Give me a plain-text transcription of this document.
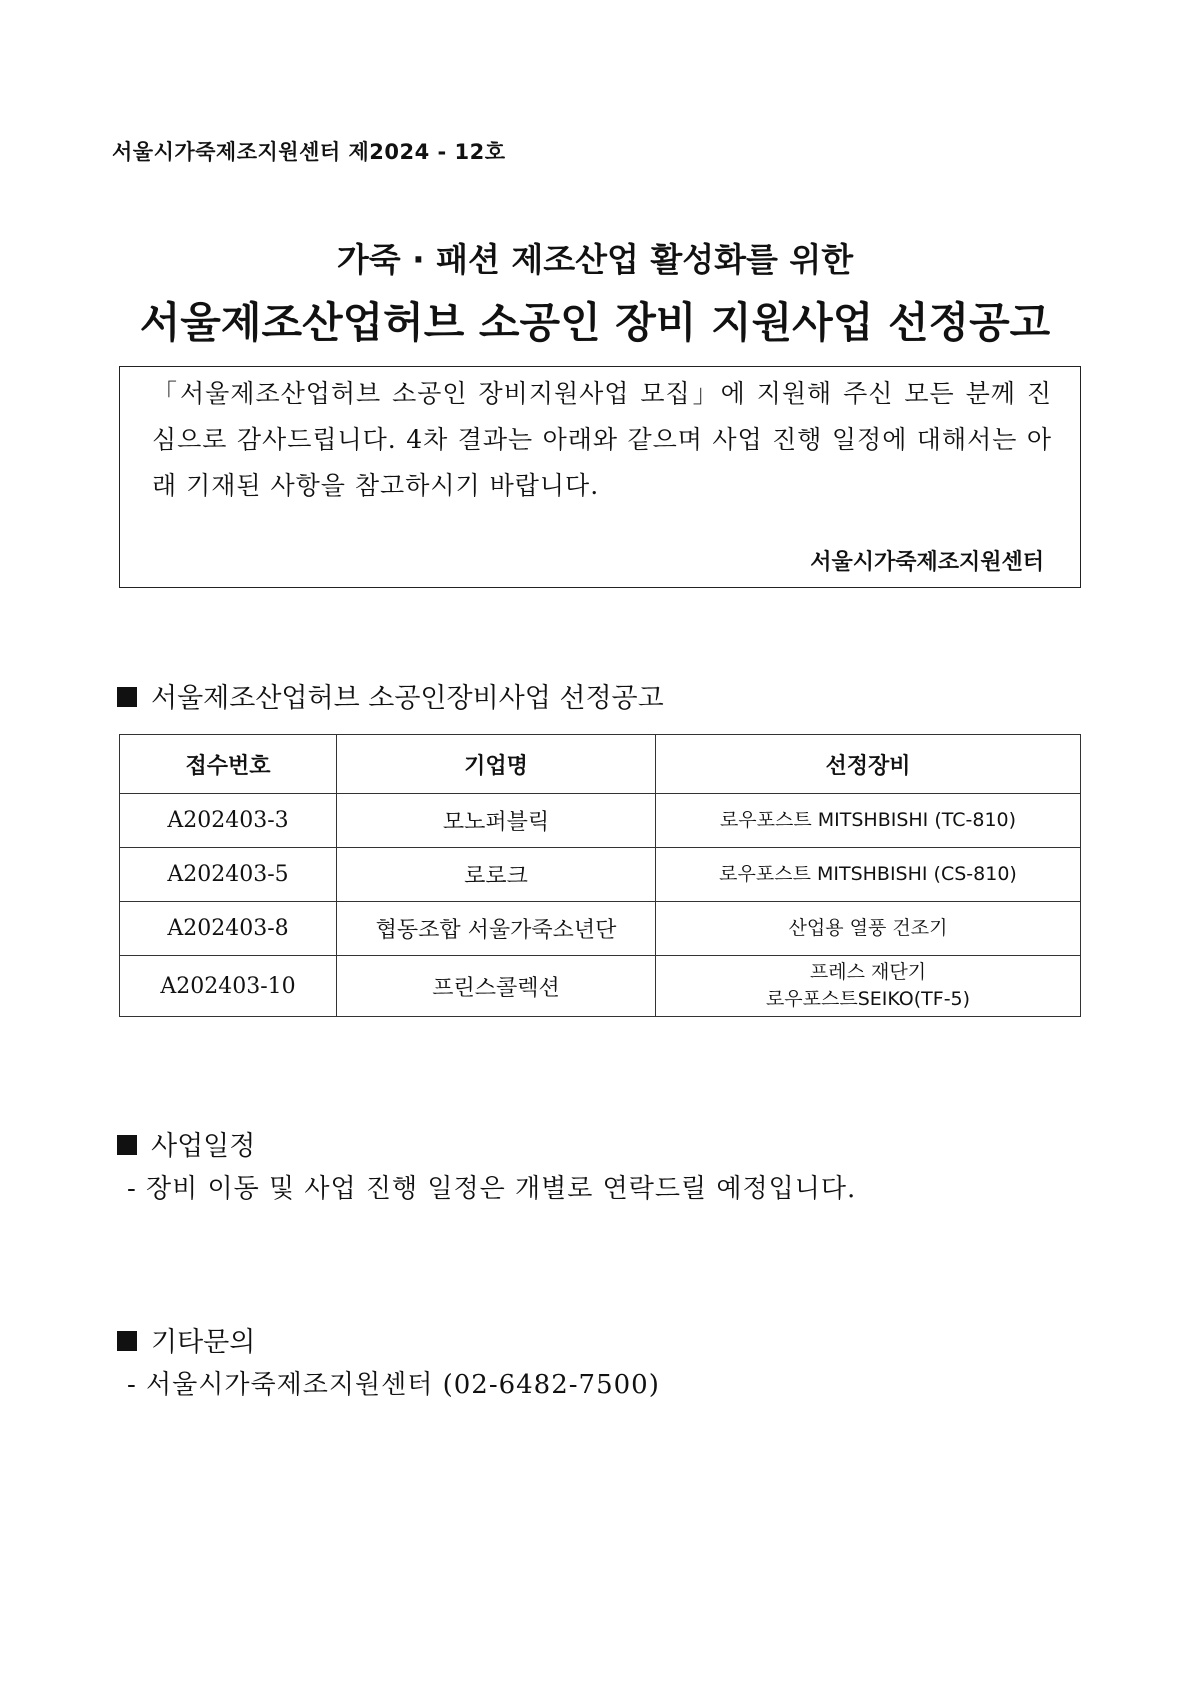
서울시가죽제조지원센터 제2024 - 12호
가죽 · 패션 제조산업 활성화를 위한
서울제조산업허브 소공인 장비 지원사업 선정공고
「서울제조산업허브 소공인 장비지원사업 모집」에 지원해 주신 모든 분께 진심으로 감사드립니다. 4차 결과는 아래와 같으며 사업 진행 일정에 대해서는 아래 기재된 사항을 참고하시기 바랍니다.
서울시가죽제조지원센터
서울제조산업허브 소공인장비사업 선정공고
접수번호	기업명	선정장비
A202403-3	모노퍼블릭	로우포스트 MITSHBISHI (TC-810)

A202403-5	로로크	로우포스트 MITSHBISHI (CS-810)

A202403-8	협동조합 서울가죽소년단	산업용 열풍 건조기

A202403-10	프린스콜렉션	프레스 재단기
로우포스트SEIKO(TF-5)
사업일정
- 장비 이동 및 사업 진행 일정은 개별로 연락드릴 예정입니다.
기타문의
- 서울시가죽제조지원센터 (02-6482-7500)
